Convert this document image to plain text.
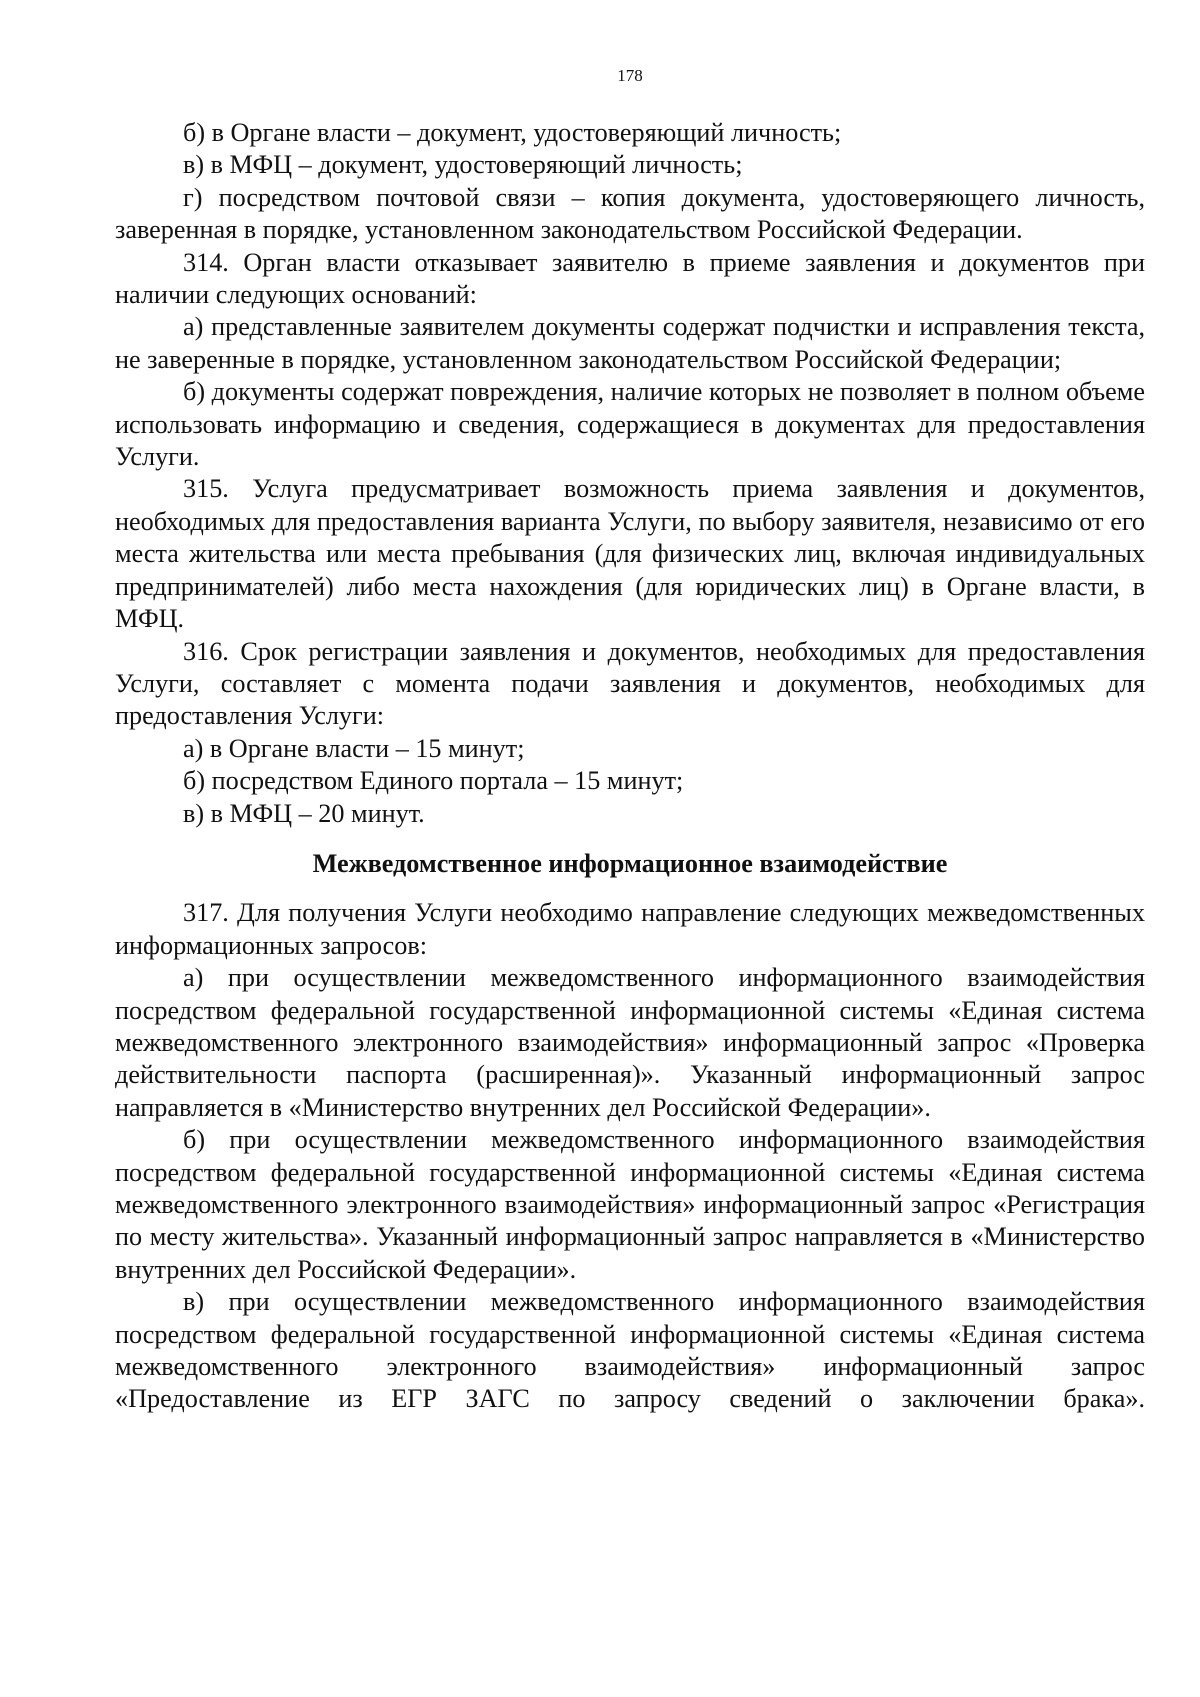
178

б) в Органе власти – документ, удостоверяющий личность;

в) в МФЦ – документ, удостоверяющий личность;

г) посредством почтовой связи – копия документа, удостоверяющего личность, заверенная в порядке, установленном законодательством Российской Федерации.

314. Орган власти отказывает заявителю в приеме заявления и документов при наличии следующих оснований:

а) представленные заявителем документы содержат подчистки и исправления текста, не заверенные в порядке, установленном законодательством Российской Федерации;

б) документы содержат повреждения, наличие которых не позволяет в полном объеме использовать информацию и сведения, содержащиеся в документах для предоставления Услуги.

315. Услуга предусматривает возможность приема заявления и документов, необходимых для предоставления варианта Услуги, по выбору заявителя, независимо от его места жительства или места пребывания (для физических лиц, включая индивидуальных предпринимателей) либо места нахождения (для юридических лиц) в Органе власти, в МФЦ.

316. Срок регистрации заявления и документов, необходимых для предоставления Услуги, составляет с момента подачи заявления и документов, необходимых для предоставления Услуги:

а) в Органе власти – 15 минут;

б) посредством Единого портала – 15 минут;

в) в МФЦ – 20 минут.

Межведомственное информационное взаимодействие

317. Для получения Услуги необходимо направление следующих межведомственных информационных запросов:

а) при осуществлении межведомственного информационного взаимодействия посредством федеральной государственной информационной системы «Единая система межведомственного электронного взаимодействия» информационный запрос «Проверка действительности паспорта (расширенная)». Указанный информационный запрос направляется в «Министерство внутренних дел Российской Федерации».

б) при осуществлении межведомственного информационного взаимодействия посредством федеральной государственной информационной системы «Единая система межведомственного электронного взаимодействия» информационный запрос «Регистрация по месту жительства». Указанный информационный запрос направляется в «Министерство внутренних дел Российской Федерации».

в) при осуществлении межведомственного информационного взаимодействия посредством федеральной государственной информационной системы «Единая система межведомственного электронного взаимодействия» информационный запрос «Предоставление из ЕГР ЗАГС по запросу сведений о заключении брака».
